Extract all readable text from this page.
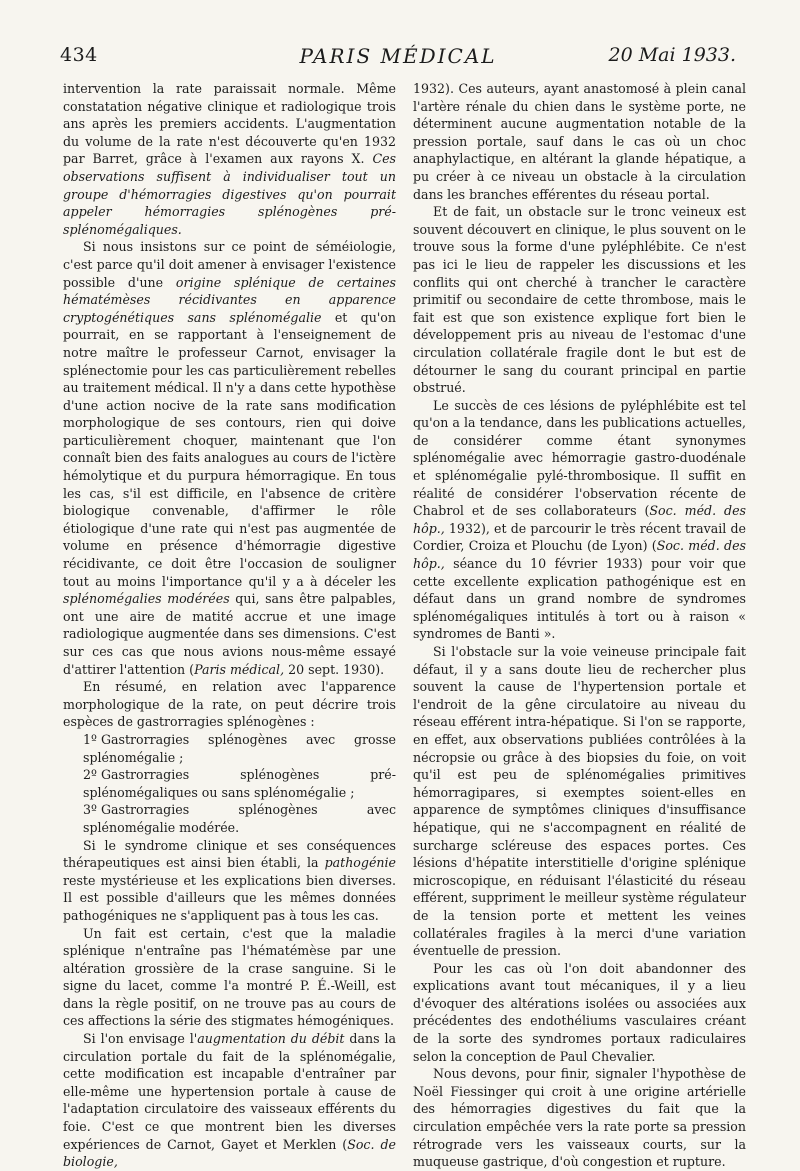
434	PARIS MÉDICAL	20 Mai 1933.

intervention la rate paraissait normale. Même constatation négative clinique et radiologique trois ans après les premiers accidents. L'augmentation du volume de la rate n'est découverte qu'en 1932 par Barret, grâce à l'examen aux rayons X. Ces observations suffisent à individualiser tout un groupe d'hémorragies digestives qu'on pourrait appeler hémorragies splénogènes pré-splénomégaliques.

Si nous insistons sur ce point de séméiologie, c'est parce qu'il doit amener à envisager l'existence possible d'une origine splénique de certaines hématémèses récidivantes en apparence cryptogénétiques sans splénomégalie et qu'on pourrait, en se rapportant à l'enseignement de notre maître le professeur Carnot, envisager la splénectomie pour les cas particulièrement rebelles au traitement médical. Il n'y a dans cette hypothèse d'une action nocive de la rate sans modification morphologique de ses contours, rien qui doive particulièrement choquer, maintenant que l'on connaît bien des faits analogues au cours de l'ictère hémolytique et du purpura hémorragique. En tous les cas, s'il est difficile, en l'absence de critère biologique convenable, d'affirmer le rôle étiologique d'une rate qui n'est pas augmentée de volume en présence d'hémorragie digestive récidivante, ce doit être l'occasion de souligner tout au moins l'importance qu'il y a à déceler les splénomégalies modérées qui, sans être palpables, ont une aire de matité accrue et une image radiologique augmentée dans ses dimensions. C'est sur ces cas que nous avions nous-même essayé d'attirer l'attention (Paris médical, 20 sept. 1930).

En résumé, en relation avec l'apparence morphologique de la rate, on peut décrire trois espèces de gastrorragies splénogènes :

1º Gastrorragies splénogènes avec grosse splénomégalie ;

2º Gastrorragies splénogènes pré-splénomégaliques ou sans splénomégalie ;

3º Gastrorragies splénogènes avec splénomégalie modérée.

Si le syndrome clinique et ses conséquences thérapeutiques est ainsi bien établi, la pathogénie reste mystérieuse et les explications bien diverses. Il est possible d'ailleurs que les mêmes données pathogéniques ne s'appliquent pas à tous les cas.

Un fait est certain, c'est que la maladie splénique n'entraîne pas l'hématémèse par une altération grossière de la crase sanguine. Si le signe du lacet, comme l'a montré P. É.-Weill, est dans la règle positif, on ne trouve pas au cours de ces affections la série des stigmates hémogéniques.

Si l'on envisage l'augmentation du débit dans la circulation portale du fait de la splénomégalie, cette modification est incapable d'entraîner par elle-même une hypertension portale à cause de l'adaptation circulatoire des vaisseaux efférents du foie. C'est ce que montrent bien les diverses expériences de Carnot, Gayet et Merklen (Soc. de biologie,

1932). Ces auteurs, ayant anastomosé à plein canal l'artère rénale du chien dans le système porte, ne déterminent aucune augmentation notable de la pression portale, sauf dans le cas où un choc anaphylactique, en altérant la glande hépatique, a pu créer à ce niveau un obstacle à la circulation dans les branches efférentes du réseau portal.

Et de fait, un obstacle sur le tronc veineux est souvent découvert en clinique, le plus souvent on le trouve sous la forme d'une pyléphlébite. Ce n'est pas ici le lieu de rappeler les discussions et les conflits qui ont cherché à trancher le caractère primitif ou secondaire de cette thrombose, mais le fait est que son existence explique fort bien le développement pris au niveau de l'estomac d'une circulation collatérale fragile dont le but est de détourner le sang du courant principal en partie obstrué.

Le succès de ces lésions de pyléphlébite est tel qu'on a la tendance, dans les publications actuelles, de considérer comme étant synonymes splénomégalie avec hémorragie gastro-duodénale et splénomégalie pylé-thrombosique. Il suffit en réalité de considérer l'observation récente de Chabrol et de ses collaborateurs (Soc. méd. des hôp., 1932), et de parcourir le très récent travail de Cordier, Croiza et Plouchu (de Lyon) (Soc. méd. des hôp., séance du 10 février 1933) pour voir que cette excellente explication pathogénique est en défaut dans un grand nombre de syndromes splénomégaliques intitulés à tort ou à raison « syndromes de Banti ».

Si l'obstacle sur la voie veineuse principale fait défaut, il y a sans doute lieu de rechercher plus souvent la cause de l'hypertension portale et l'endroit de la gêne circulatoire au niveau du réseau efférent intra-hépatique. Si l'on se rapporte, en effet, aux observations publiées contrôlées à la nécropsie ou grâce à des biopsies du foie, on voit qu'il est peu de splénomégalies primitives hémorragipares, si exemptes soient-elles en apparence de symptômes cliniques d'insuffisance hépatique, qui ne s'accompagnent en réalité de surcharge scléreuse des espaces portes. Ces lésions d'hépatite interstitielle d'origine splénique microscopique, en réduisant l'élasticité du réseau efférent, suppriment le meilleur système régulateur de la tension porte et mettent les veines collatérales fragiles à la merci d'une variation éventuelle de pression.

Pour les cas où l'on doit abandonner des explications avant tout mécaniques, il y a lieu d'évoquer des altérations isolées ou associées aux précédentes des endothéliums vasculaires créant de la sorte des syndromes portaux radiculaires selon la conception de Paul Chevalier.

Nous devons, pour finir, signaler l'hypothèse de Noël Fiessinger qui croit à une origine artérielle des hémorragies digestives du fait que la circulation empêchée vers la rate porte sa pression rétrograde vers les vaisseaux courts, sur la muqueuse gastrique, d'où congestion et rupture.
